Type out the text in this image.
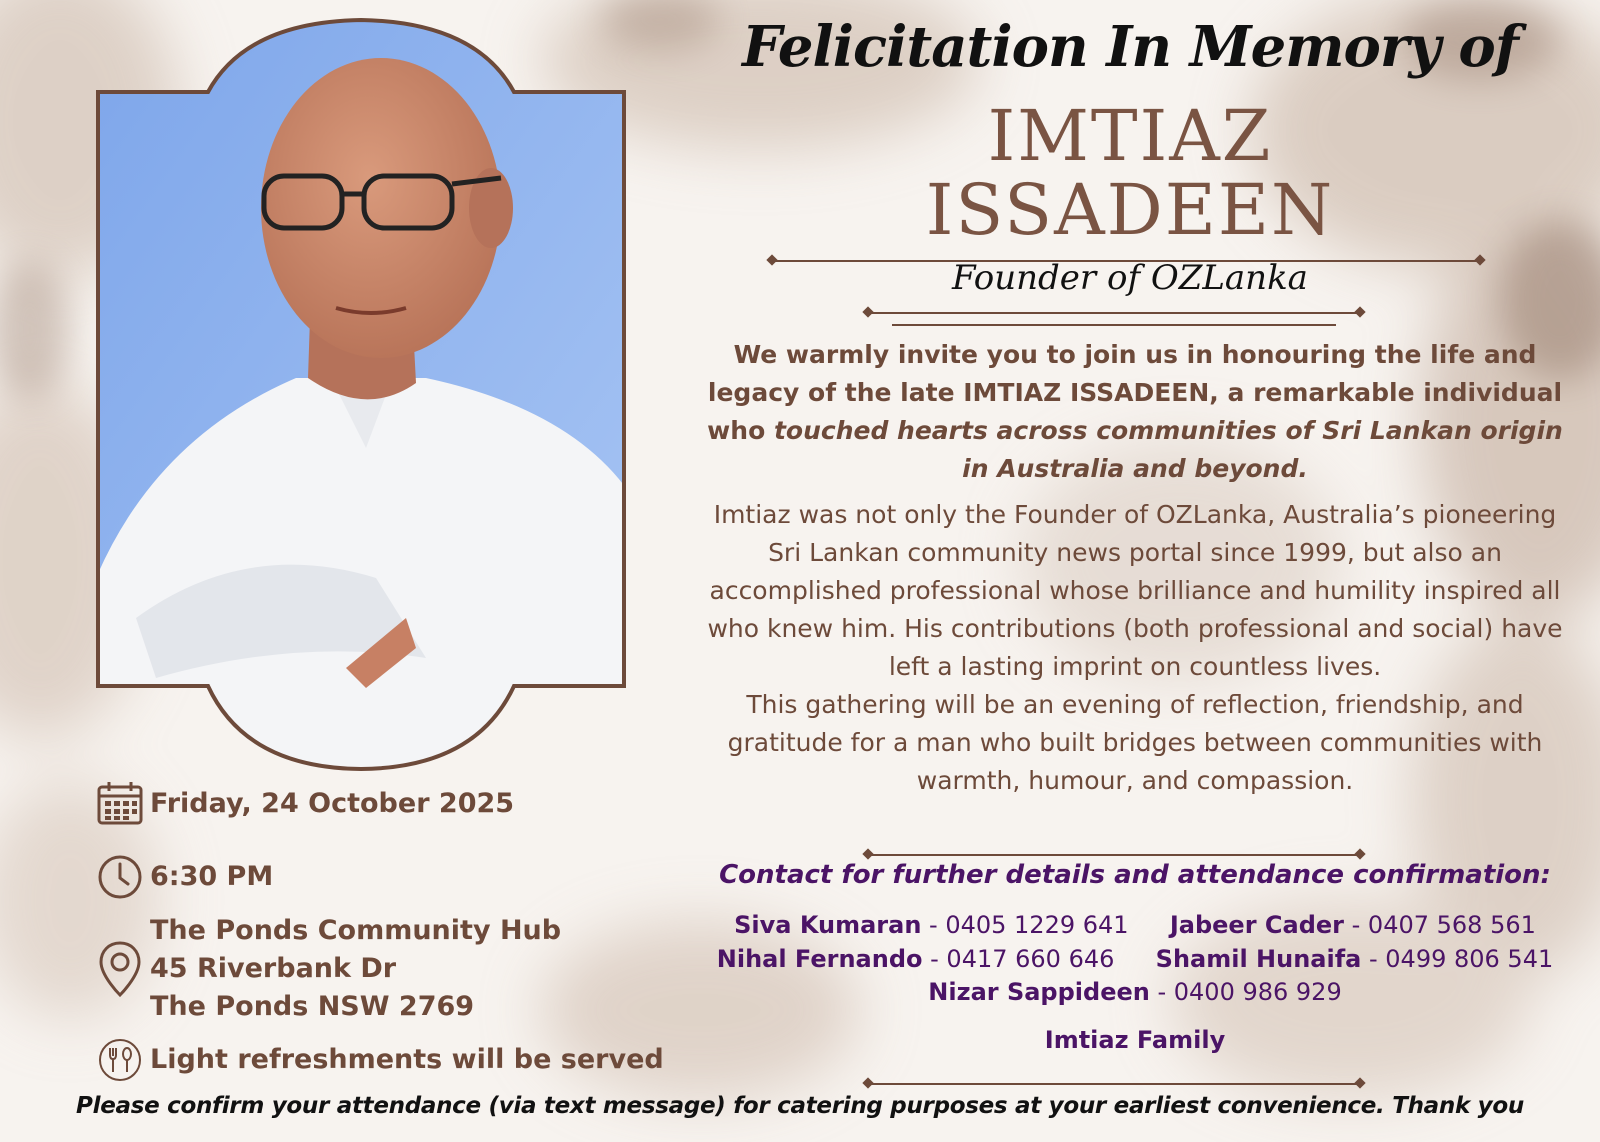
Friday, 24 October 2025
6:30 PM
The Ponds Community Hub
45 Riverbank Dr
The Ponds NSW 2769
Light refreshments will be served
Felicitation In Memory of
IMTIAZ
ISSADEEN
Founder of OZLanka
We warmly invite you to join us in honouring the life and legacy of the late IMTIAZ ISSADEEN, a remarkable individual who touched hearts across communities of Sri Lankan origin in Australia and beyond.
Imtiaz was not only the Founder of OZLanka, Australia’s pioneering Sri Lankan community news portal since 1999, but also an accomplished professional whose brilliance and humility inspired all who knew him. His contributions (both professional and social) have left a lasting imprint on countless lives.
This gathering will be an evening of reflection, friendship, and gratitude for a man who built bridges between communities with warmth, humour, and compassion.
Contact for further details and attendance confirmation:
Siva Kumaran - 0405 1229 641 Jabeer Cader - 0407 568 561
Nihal Fernando - 0417 660 646 Shamil Hunaifa - 0499 806 541
Nizar Sappideen - 0400 986 929
Imtiaz Family
Please confirm your attendance (via text message) for catering purposes at your earliest convenience. Thank you
